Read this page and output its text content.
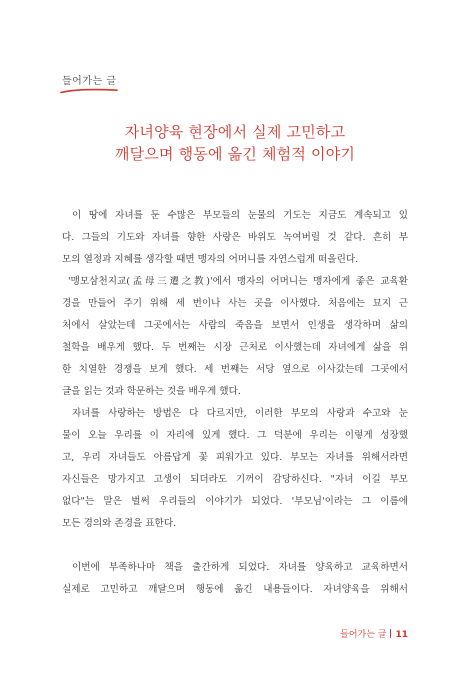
들어가는 글
자녀양육 현장에서 실제 고민하고
깨달으며 행동에 옮긴 체험적 이야기
이 땅에 자녀를 둔 수많은 부모들의 눈물의 기도는 지금도 계속되고 있
다. 그들의 기도와 자녀를 향한 사랑은 바위도 녹여버릴 것 같다. 흔히 부
모의 열정과 지혜를 생각할 때면 맹자의 어머니를 자연스럽게 떠올린다.
'맹모삼천지교(孟母三遷之教)'에서 맹자의 어머니는 맹자에게 좋은 교육환
경을 만들어 주기 위해 세 번이나 사는 곳을 이사했다. 처음에는 묘지 근
처에서 살았는데 그곳에서는 사람의 죽음을 보면서 인생을 생각하며 삶의
철학을 배우게 했다. 두 번째는 시장 근처로 이사했는데 자녀에게 삶을 위
한 치열한 경쟁을 보게 했다. 세 번째는 서당 옆으로 이사갔는데 그곳에서
글을 읽는 것과 학문하는 것을 배우게 했다.
자녀를 사랑하는 방법은 다 다르지만, 이러한 부모의 사랑과 수고와 눈
물이 오늘 우리를 이 자리에 있게 했다. 그 덕분에 우리는 이렇게 성장했
고, 우리 자녀들도 아름답게 꽃 피워가고 있다. 부모는 자녀를 위해서라면
자신들은 망가지고 고생이 되더라도 기꺼이 감당하신다. "자녀 이길 부모
없다"는 말은 벌써 우리들의 이야기가 되었다. '부모님'이라는 그 이름에
모든 경의와 존경을 표한다.
이번에 부족하나마 책을 출간하게 되었다. 자녀를 양육하고 교육하면서
실제로 고민하고 깨달으며 행동에 옮긴 내용들이다. 자녀양육을 위해서
들어가는 글 11
